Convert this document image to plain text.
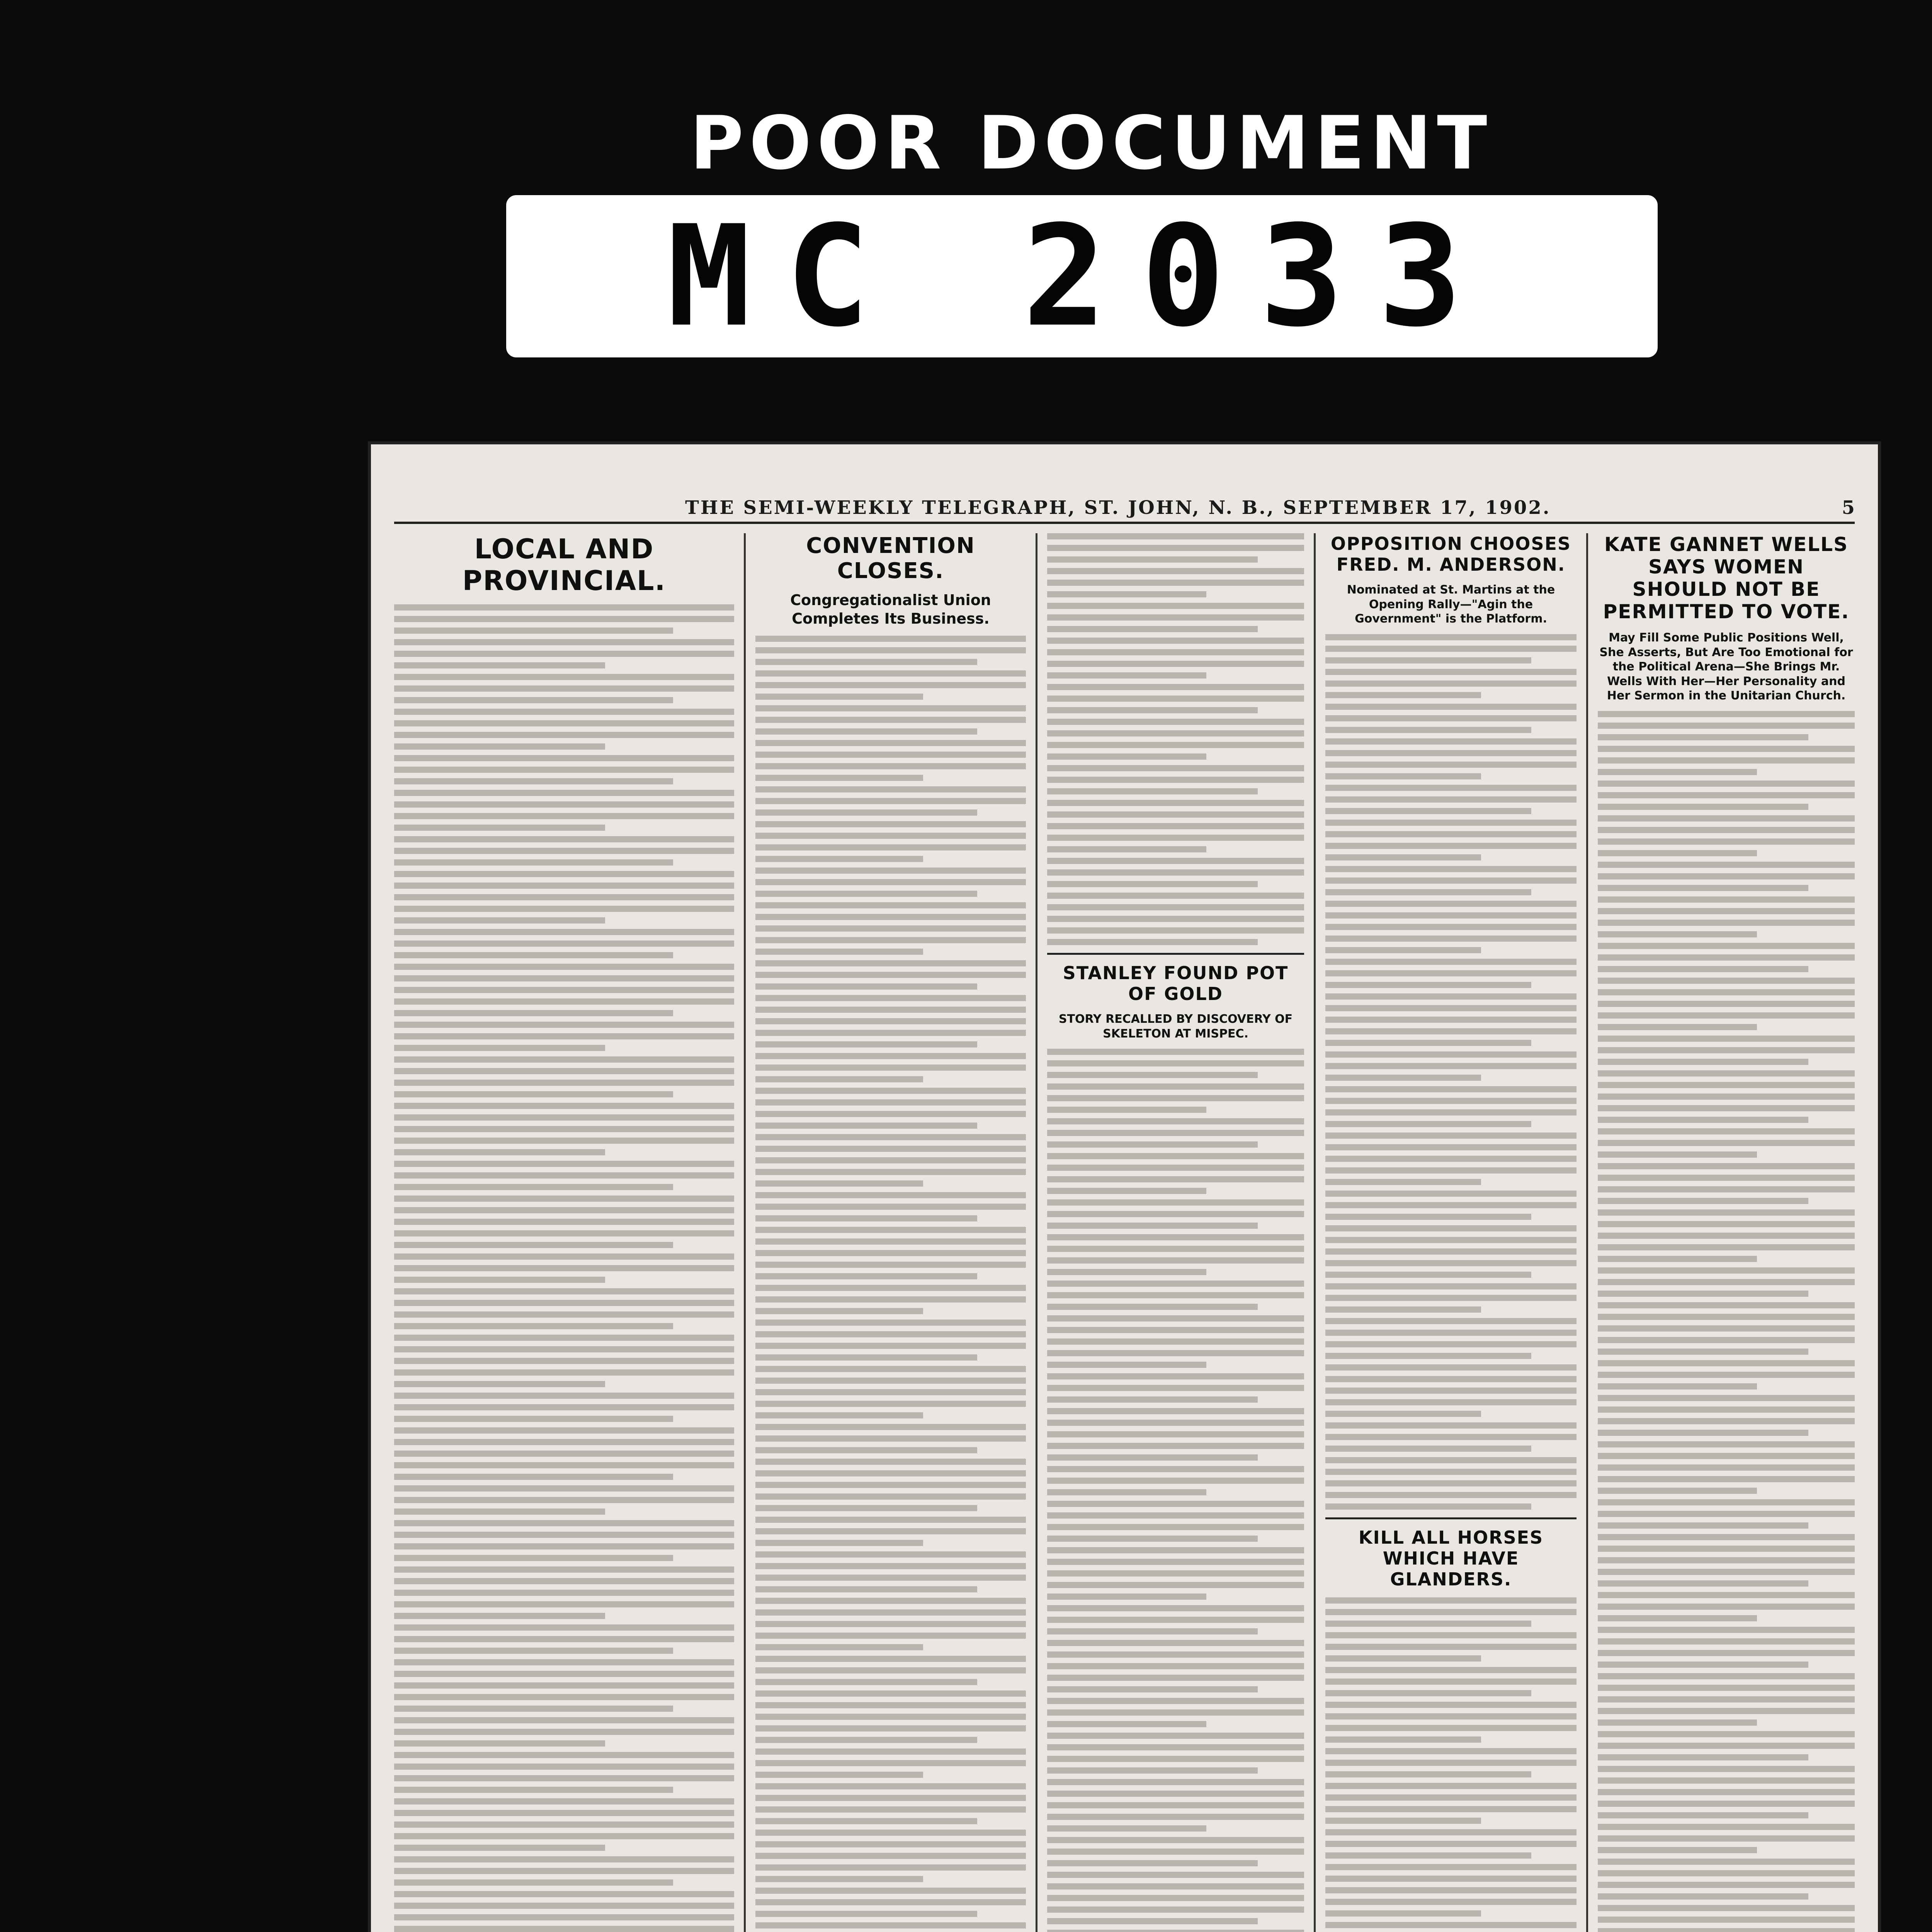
POOR DOCUMENT
MC 2033
THE SEMI-WEEKLY TELEGRAPH, ST. JOHN, N. B., SEPTEMBER 17, 1902.	5
LOCAL AND PROVINCIAL.
CONVENTION CLOSES.
Congregationalist Union Completes Its Business.
STANLEY FOUND POT OF GOLD
STORY RECALLED BY DISCOVERY OF SKELETON AT MISPEC.
OPPOSITION CHOOSES FRED. M. ANDERSON.
Nominated at St. Martins at the Opening Rally—"Agin the Government" is the Platform.
KILL ALL HORSES WHICH HAVE GLANDERS.
KATE GANNET WELLS SAYS WOMEN SHOULD NOT BE PERMITTED TO VOTE.
May Fill Some Public Positions Well, She Asserts, But Are Too Emotional for the Political Arena—She Brings Mr. Wells With Her—Her Personality and Her Sermon in the Unitarian Church.
